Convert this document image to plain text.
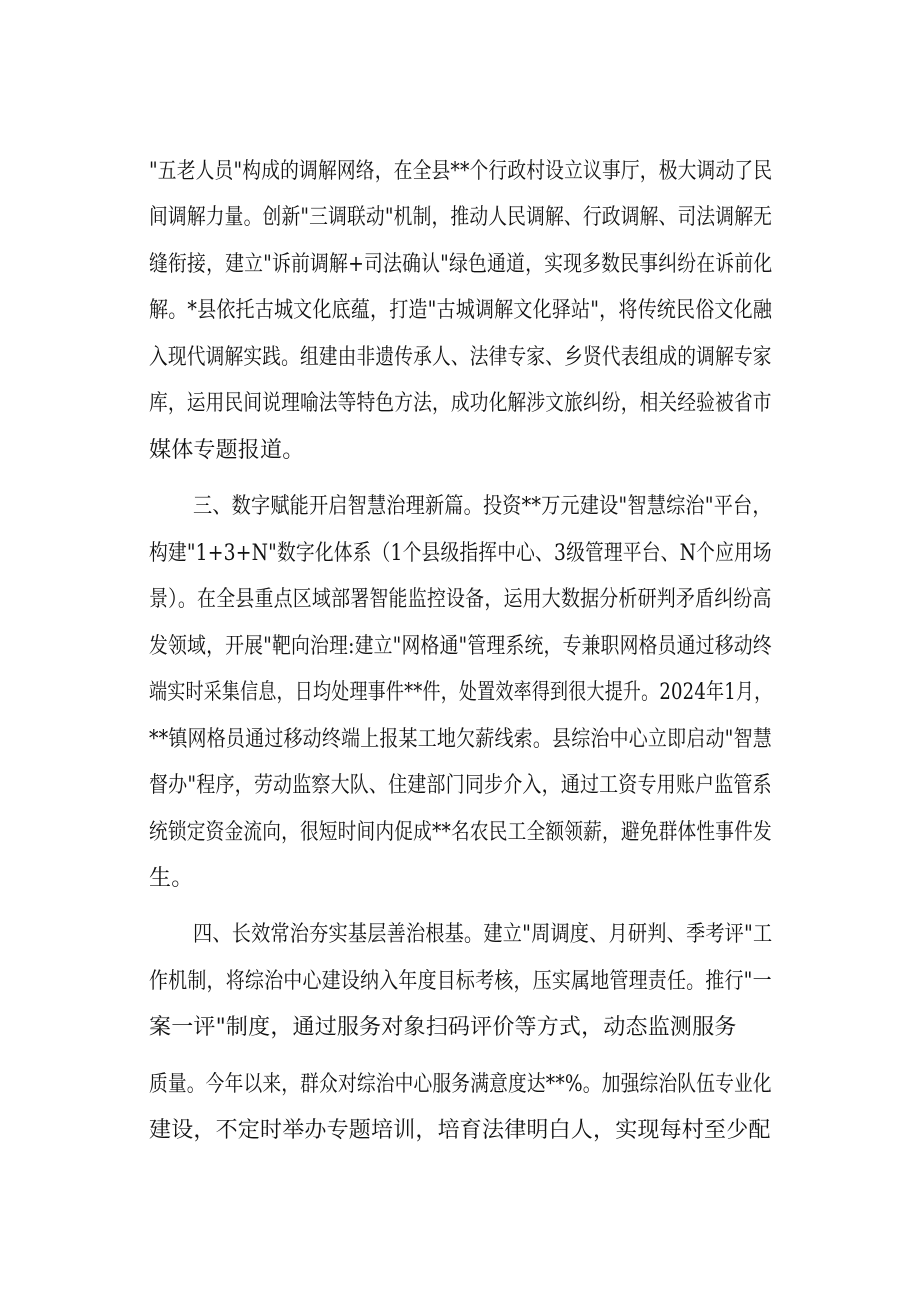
"五老人员"构成的调解网络，在全县**个行政村设立议事厅，极大调动了民
间调解力量。创新"三调联动"机制，推动人民调解、行政调解、司法调解无
缝衔接，建立"诉前调解+司法确认"绿色通道，实现多数民事纠纷在诉前化
解。*县依托古城文化底蕴，打造"古城调解文化驿站"，将传统民俗文化融
入现代调解实践。组建由非遗传承人、法律专家、乡贤代表组成的调解专家
库，运用民间说理喻法等特色方法，成功化解涉文旅纠纷，相关经验被省市
媒体专题报道。
三、数字赋能开启智慧治理新篇。投资**万元建设"智慧综治"平台，
构建"1+3+N"数字化体系（1个县级指挥中心、3级管理平台、N个应用场
景）。在全县重点区域部署智能监控设备，运用大数据分析研判矛盾纠纷高
发领域，开展"靶向治理:建立"网格通"管理系统，专兼职网格员通过移动终
端实时采集信息，日均处理事件**件，处置效率得到很大提升。2024年1月，
**镇网格员通过移动终端上报某工地欠薪线索。县综治中心立即启动"智慧
督办"程序，劳动监察大队、住建部门同步介入，通过工资专用账户监管系
统锁定资金流向，很短时间内促成**名农民工全额领薪，避免群体性事件发
生。
四、长效常治夯实基层善治根基。建立"周调度、月研判、季考评"工
作机制，将综治中心建设纳入年度目标考核，压实属地管理责任。推行"一
案一评"制度，通过服务对象扫码评价等方式，动态监测服务
质量。今年以来，群众对综治中心服务满意度达**%。加强综治队伍专业化
建设，不定时举办专题培训，培育法律明白人，实现每村至少配
